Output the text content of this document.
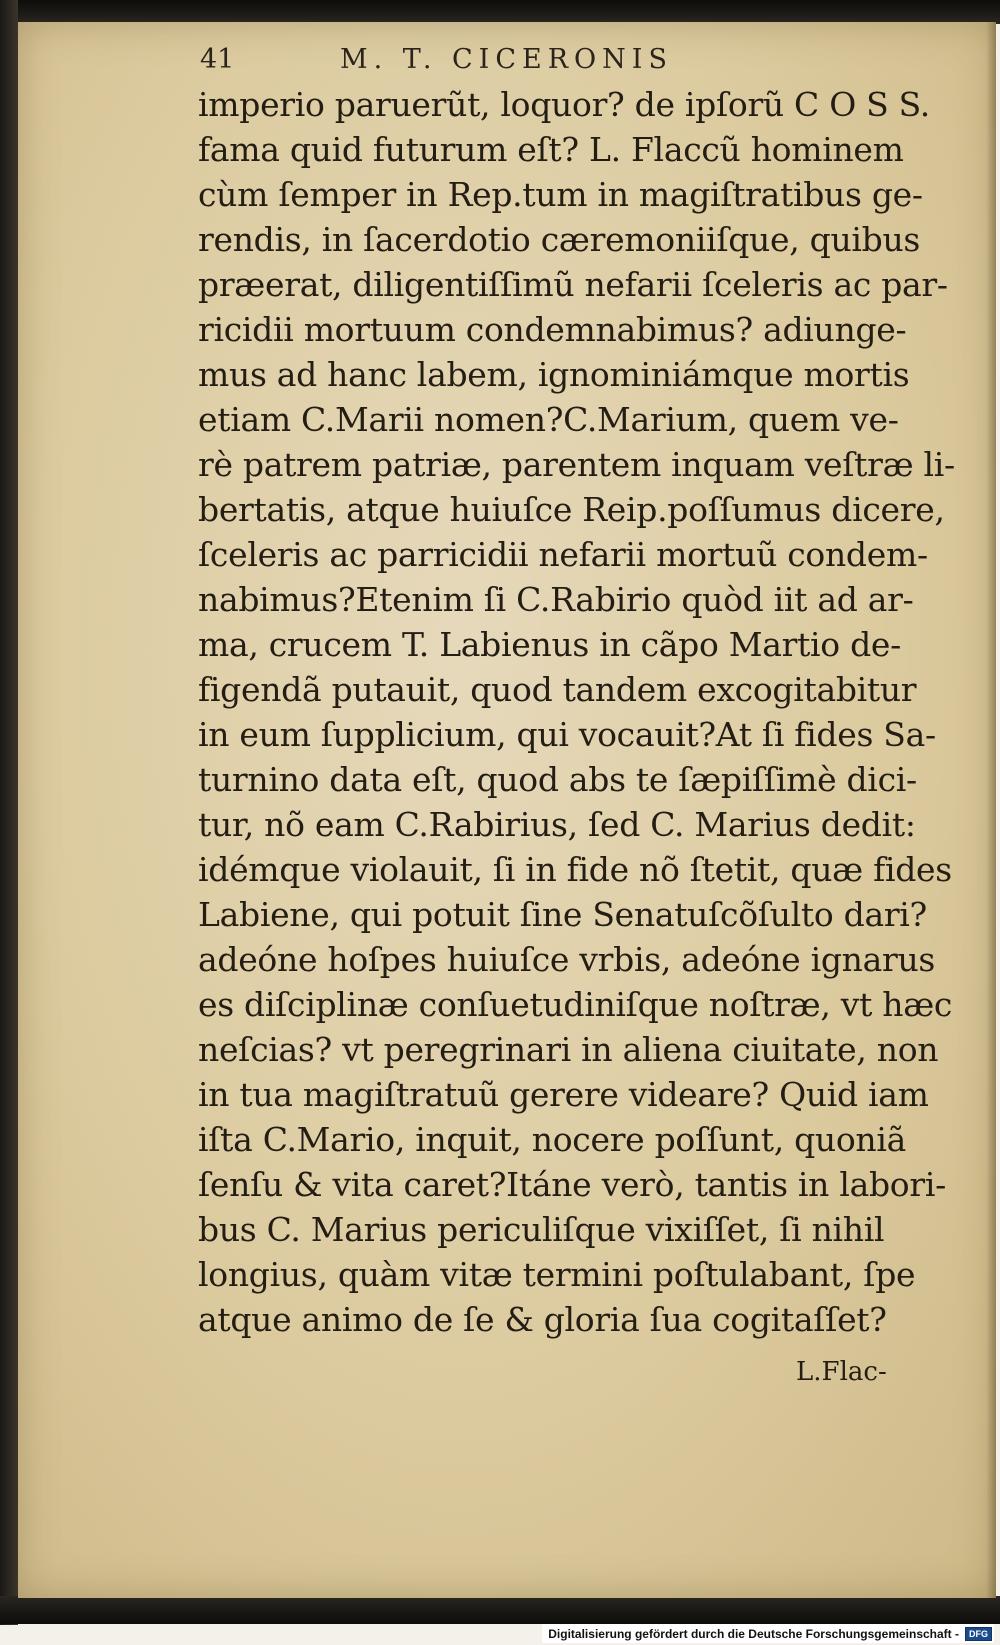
41	M. T. CICERONIS
imperio paruerũt, loquor? de ipſorũ C O S S.
fama quid futurum eſt? L. Flaccũ hominem
cùm ſemper in Rep.tum in magiſtratibus ge-
rendis, in ſacerdotio cæremoniiſque, quibus
præerat, diligentiſſimũ nefarii ſceleris ac par-
ricidii mortuum condemnabimus? adiunge-
mus ad hanc labem, ignominiámque mortis
etiam C.Marii nomen?C.Marium, quem ve-
rè patrem patriæ, parentem inquam veſtræ li-
bertatis, atque huiuſce Reip.poſſumus dicere,
ſceleris ac parricidii nefarii mortuũ condem-
nabimus?Etenim ſi C.Rabirio quòd iit ad ar-
ma, crucem T. Labienus in cãpo Martio de-
figendã putauit, quod tandem excogitabitur
in eum ſupplicium, qui vocauit?At ſi fides Sa-
turnino data eſt, quod abs te ſæpiſſimè dici-
tur, nõ eam C.Rabirius, ſed C. Marius dedit:
idémque violauit, ſi in fide nõ ſtetit, quæ fides
Labiene, qui potuit ſine Senatuſcõſulto dari?
adeóne hoſpes huiuſce vrbis, adeóne ignarus
es diſciplinæ conſuetudiniſque noſtræ, vt hæc
neſcias? vt peregrinari in aliena ciuitate, non
in tua magiſtratuũ gerere videare? Quid iam
iſta C.Mario, inquit, nocere poſſunt, quoniã
ſenſu & vita caret?Itáne verò, tantis in labori-
bus C. Marius periculiſque vixiſſet, ſi nihil
longius, quàm vitæ termini poſtulabant, ſpe
atque animo de ſe & gloria ſua cogitaſſet?
L.Flac-
Digitalisierung gefördert durch die Deutsche Forschungsgemeinschaft -	DFG
